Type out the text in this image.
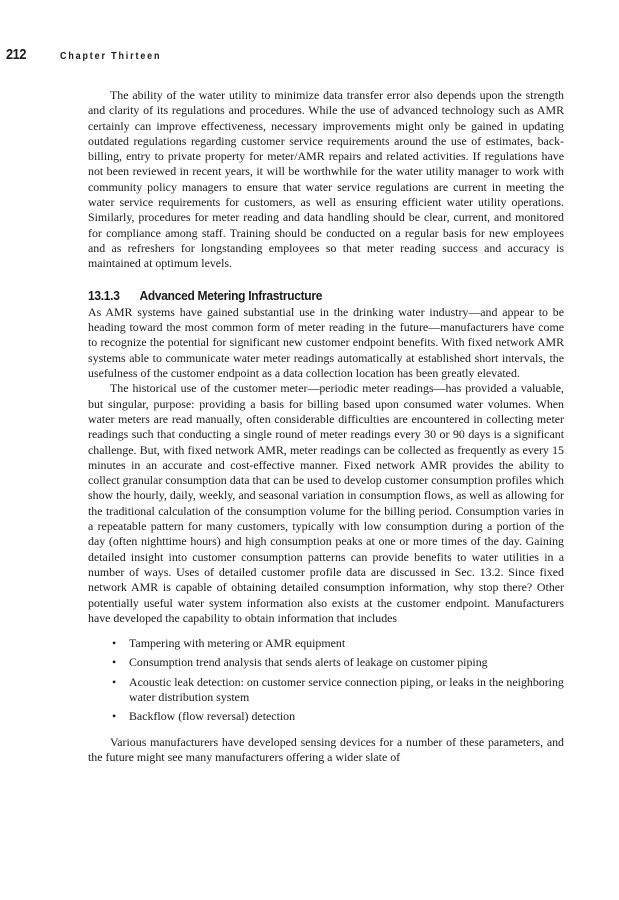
212	Chapter Thirteen

The ability of the water utility to minimize data transfer error also depends upon the strength and clarity of its regulations and procedures. While the use of advanced technology such as AMR certainly can improve effectiveness, necessary improvements might only be gained in updating outdated regulations regarding customer service requirements around the use of estimates, back-billing, entry to private property for meter/AMR repairs and related activities. If regulations have not been reviewed in recent years, it will be worthwhile for the water utility manager to work with community policy managers to ensure that water service regulations are current in meeting the water service requirements for customers, as well as ensuring efficient water utility operations. Similarly, procedures for meter reading and data handling should be clear, current, and monitored for compliance among staff. Training should be conducted on a regular basis for new employees and as refreshers for longstanding employees so that meter reading success and accuracy is maintained at optimum levels.

13.1.3 Advanced Metering Infrastructure

As AMR systems have gained substantial use in the drinking water industry—and appear to be heading toward the most common form of meter reading in the future—manufacturers have come to recognize the potential for significant new customer endpoint benefits. With fixed network AMR systems able to communicate water meter readings automatically at established short intervals, the usefulness of the customer endpoint as a data collection location has been greatly elevated.

The historical use of the customer meter—periodic meter readings—has provided a valuable, but singular, purpose: providing a basis for billing based upon consumed water volumes. When water meters are read manually, often considerable difficulties are encountered in collecting meter readings such that conducting a single round of meter readings every 30 or 90 days is a significant challenge. But, with fixed network AMR, meter readings can be collected as frequently as every 15 minutes in an accurate and cost-effective manner. Fixed network AMR provides the ability to collect granular consumption data that can be used to develop customer consumption profiles which show the hourly, daily, weekly, and seasonal variation in consumption flows, as well as allowing for the traditional calculation of the consumption volume for the billing period. Consumption varies in a repeatable pattern for many customers, typically with low consumption during a portion of the day (often nighttime hours) and high consumption peaks at one or more times of the day. Gaining detailed insight into customer consumption patterns can provide benefits to water utilities in a number of ways. Uses of detailed customer profile data are discussed in Sec. 13.2. Since fixed network AMR is capable of obtaining detailed consumption information, why stop there? Other potentially useful water system information also exists at the customer endpoint. Manufacturers have developed the capability to obtain information that includes

• Tampering with metering or AMR equipment
• Consumption trend analysis that sends alerts of leakage on customer piping
• Acoustic leak detection: on customer service connection piping, or leaks in the neighboring water distribution system
• Backflow (flow reversal) detection

Various manufacturers have developed sensing devices for a number of these parameters, and the future might see many manufacturers offering a wider slate of
